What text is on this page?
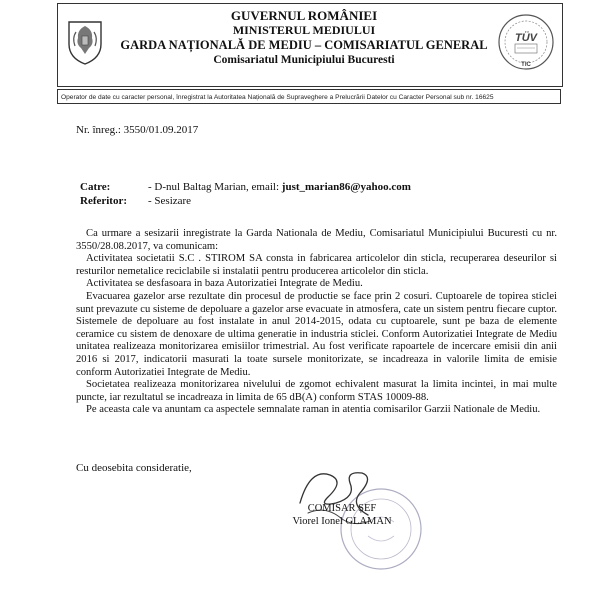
GUVERNUL ROMÂNIEI
MINISTERUL MEDIULUI
GARDA NAȚIONALĂ DE MEDIU – COMISARIATUL GENERAL
Comisariatul Municipiului Bucuresti
TÜV
TIC
Operator de date cu caracter personal, înregistrat la Autoritatea Națională de Supraveghere a Prelucrării Datelor cu Caracter Personal sub nr. 16625
Nr. înreg.: 3550/01.09.2017
Catre:	- D-nul Baltag Marian, email: just_marian86@yahoo.com
Referitor:	- Sesizare

Ca urmare a sesizarii inregistrate la Garda Nationala de Mediu, Comisariatul Municipiului Bucuresti cu nr. 3550/28.08.2017, va comunicam:

Activitatea societatii S.C . STIROM SA consta in fabricarea articolelor din sticla, recuperarea deseurilor si resturilor nemetalice reciclabile si instalatii pentru producerea articolelor din sticla.

Activitatea se desfasoara in baza Autorizatiei Integrate de Mediu.

Evacuarea gazelor arse rezultate din procesul de productie se face prin 2 cosuri. Cuptoarele de topirea sticlei sunt prevazute cu sisteme de depoluare a gazelor arse evacuate in atmosfera, cate un sistem pentru fiecare cuptor. Sistemele de depoluare au fost instalate in anul 2014-2015, odata cu cuptoarele, sunt pe baza de elemente ceramice cu sistem de denoxare de ultima generatie in industria sticlei. Conform Autorizatiei Integrate de Mediu unitatea realizeaza monitorizarea emisiilor trimestrial. Au fost verificate rapoartele de incercare emisii din anii 2016 si 2017, indicatorii masurati la toate sursele monitorizate, se incadreaza in valorile limita de emisie conform Autorizatiei Integrate de Mediu.

Societatea realizeaza monitorizarea nivelului de zgomot echivalent masurat la limita incintei, in mai multe puncte, iar rezultatul se incadreaza in limita de 65 dB(A) conform STAS 10009-88.

Pe aceasta cale va anuntam ca aspectele semnalate raman in atentia comisarilor Garzii Nationale de Mediu.

Cu deosebita consideratie,
COMISAR ȘEF
Viorel Ionel GLAMAN
